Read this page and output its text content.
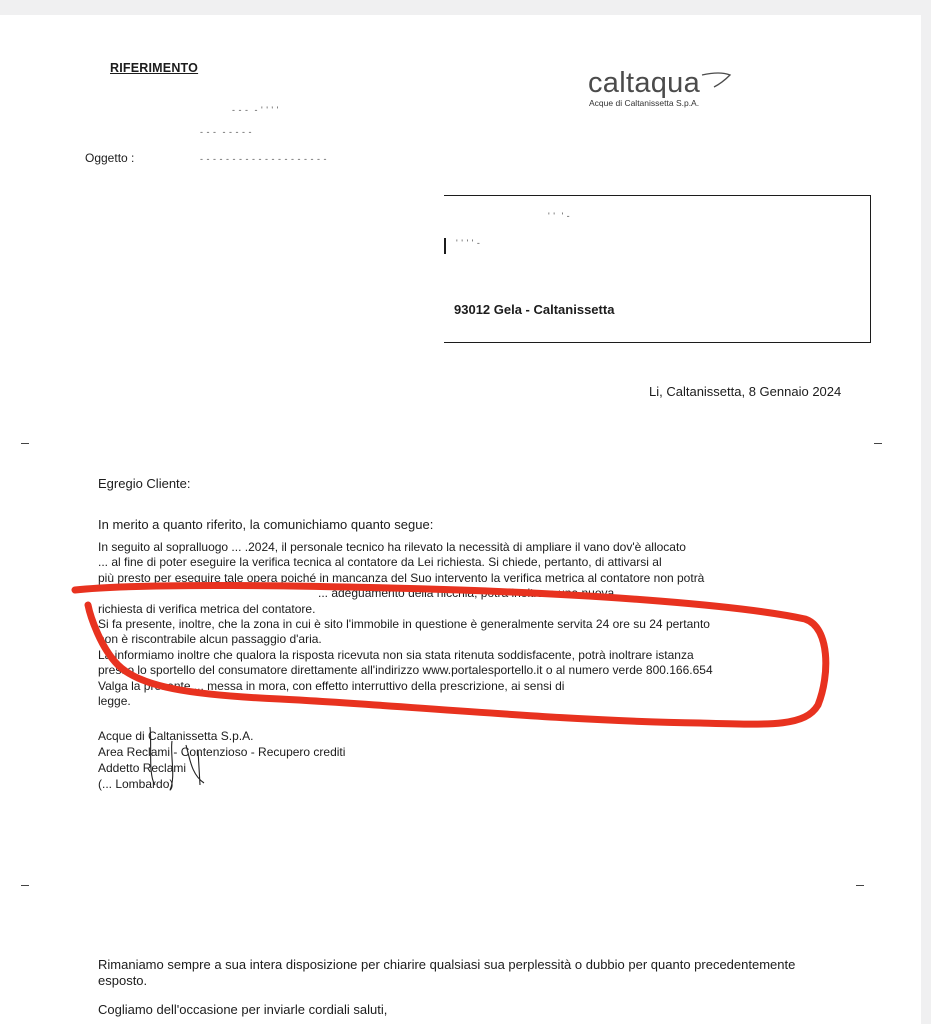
RIFERIMENTO
- - -  - ' ' ' '
- - -  - - - - -
Oggetto :	- - - - - - - - - - - - - - - - - - - -
caltaqua
Acque di Caltanissetta S.p.A.
' '  ' -
' ' ' ' -
93012 Gela - Caltanissetta
Li, Caltanissetta, 8 Gennaio 2024
Egregio Cliente:
In merito a quanto riferito, la comunichiamo quanto segue:
In seguito al sopralluogo ... .2024, il personale tecnico ha rilevato la necessità di ampliare il vano dov'è allocato
... al fine di poter eseguire la verifica tecnica al contatore da Lei richiesta. Si chiede, pertanto, di attivarsi al
più presto per eseguire tale opera poiché in mancanza del Suo intervento la verifica metrica al contatore non potrà
... adeguamento della nicchia, potrà inoltrare una nuova
richiesta di verifica metrica del contatore.
Si fa presente, inoltre, che la zona in cui è sito l'immobile in questione è generalmente servita 24 ore su 24 pertanto
non è riscontrabile alcun passaggio d'aria.
La informiamo inoltre che qualora la risposta ricevuta non sia stata ritenuta soddisfacente, potrà inoltrare istanza
presso lo sportello del consumatore direttamente all'indirizzo www.portalesportello.it o al numero verde 800.166.654
Valga la presente ... messa in mora, con effetto interruttivo della prescrizione, ai sensi di
legge.
Acque di Caltanissetta S.p.A.
Area Reclami - Contenzioso - Recupero crediti
Addetto Reclami
(... Lombardo)
Rimaniamo sempre a sua intera disposizione per chiarire qualsiasi sua perplessità o dubbio per quanto precedentemente esposto.
Cogliamo dell'occasione per inviarle cordiali saluti,
